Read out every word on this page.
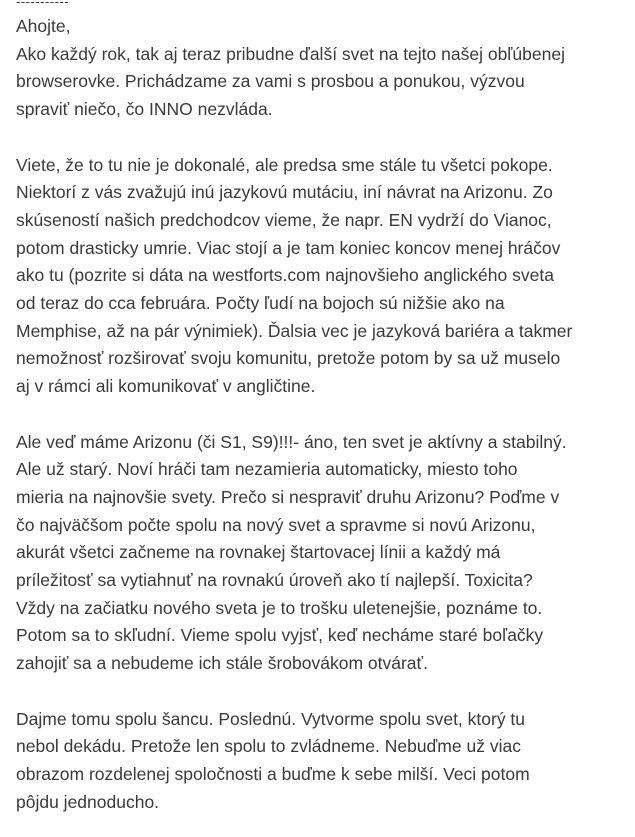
Ahojte,
Ako každý rok, tak aj teraz pribudne ďalší svet na tejto našej obľúbenej
browserovke. Prichádzame za vami s prosbou a ponukou, výzvou
spraviť niečo, čo INNO nezvláda.

Viete, že to tu nie je dokonalé, ale predsa sme stále tu všetci pokope.
Niektorí z vás zvažujú inú jazykovú mutáciu, iní návrat na Arizonu. Zo
skúseností našich predchodcov vieme, že napr. EN vydrží do Vianoc,
potom drasticky umrie. Viac stojí a je tam koniec koncov menej hráčov
ako tu (pozrite si dáta na westforts.com najnovšieho anglického sveta
od teraz do cca februára. Počty ľudí na bojoch sú nižšie ako na
Memphise, až na pár výnimiek). Ďalsia vec je jazyková bariéra a takmer
nemožnosť rozširovať svoju komunitu, pretože potom by sa už muselo
aj v rámci ali komunikovať v angličtine.

Ale veď máme Arizonu (či S1, S9)!!!- áno, ten svet je aktívny a stabilný.
Ale už starý. Noví hráči tam nezamieria automaticky, miesto toho
mieria na najnovšie svety. Prečo si nespraviť druhu Arizonu? Poďme v
čo najväčšom počte spolu na nový svet a spravme si novú Arizonu,
akurát všetci začneme na rovnakej štartovacej línii a každý má
príležitosť sa vytiahnuť na rovnakú úroveň ako tí najlepší. Toxicita?
Vždy na začiatku nového sveta je to trošku uletenejšie, poznáme to.
Potom sa to skľudní. Vieme spolu vyjsť, keď necháme staré boľačky
zahojiť sa a nebudeme ich stále šrobovákom otvárať.

Dajme tomu spolu šancu. Poslednú. Vytvorme spolu svet, ktorý tu
nebol dekádu. Pretože len spolu to zvládneme. Nebuďme už viac
obrazom rozdelenej spoločnosti a buďme k sebe milší. Veci potom
pôjdu jednoducho.
